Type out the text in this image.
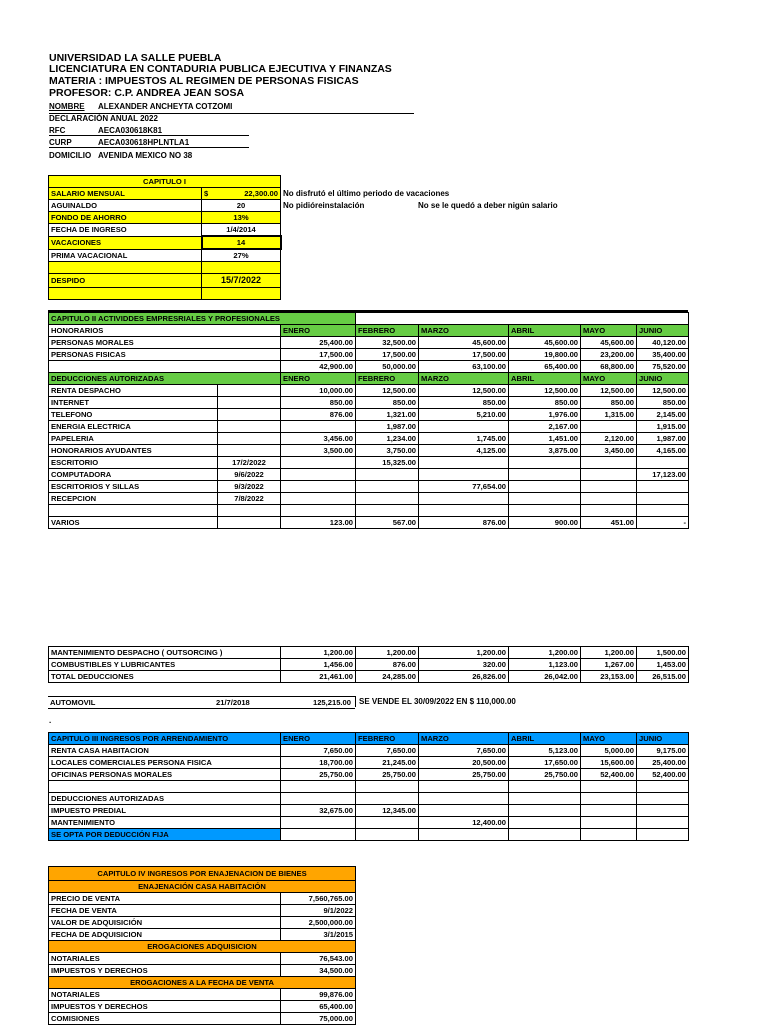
UNIVERSIDAD LA SALLE PUEBLA
LICENCIATURA EN CONTADURIA PUBLICA EJECUTIVA Y FINANZAS
MATERIA : IMPUESTOS AL REGIMEN DE PERSONAS FISICAS
PROFESOR: C.P. ANDREA JEAN SOSA
NOMBRE ALEXANDER ANCHEYTA COTZOMI
DECLARACIÓN ANUAL 2022
RFC	AECA030618K81
CURP	AECA030618HPLNTLA1
DOMICILIO AVENIDA MEXICO NO 38
CAPITULO I	
SALARIO MENSUAL	$ 22,300.00
AGUINALDO	20
FONDO DE AHORRO	13%
FECHA DE INGRESO	1/4/2014
VACACIONES	14
PRIMA VACACIONAL	27%

DESPIDO	15/7/2022

No disfrutó el último periodo de vacaciones
No pidióreinstalación	No se le quedó a deber nigún salario
CAPITULO II ACTIVIDDES EMPRESRIALES Y PROFESIONALES							
HONORARIOS		ENERO	FEBRERO	MARZO	ABRIL	MAYO	JUNIO
PERSONAS MORALES		25,400.00	32,500.00	45,600.00	45,600.00	45,600.00	40,120.00
PERSONAS FISICAS		17,500.00	17,500.00	17,500.00	19,800.00	23,200.00	35,400.00
		42,900.00	50,000.00	63,100.00	65,400.00	68,800.00	75,520.00
DEDUCCIONES AUTORIZADAS		ENERO	FEBRERO	MARZO	ABRIL	MAYO	JUNIO
RENTA DESPACHO		10,000.00	12,500.00	12,500.00	12,500.00	12,500.00	12,500.00
INTERNET		850.00	850.00	850.00	850.00	850.00	850.00
TELEFONO		876.00	1,321.00	5,210.00	1,976.00	1,315.00	2,145.00
ENERGIA ELECTRICA			1,987.00		2,167.00		1,915.00
PAPELERIA		3,456.00	1,234.00	1,745.00	1,451.00	2,120.00	1,987.00
HONORARIOS AYUDANTES		3,500.00	3,750.00	4,125.00	3,875.00	3,450.00	4,165.00
ESCRITORIO	17/2/2022		15,325.00				
COMPUTADORA	9/6/2022						17,123.00
ESCRITORIOS Y SILLAS	9/3/2022			77,654.00			
RECEPCION	7/8/2022						

VARIOS		123.00	567.00	876.00	900.00	451.00	-
MANTENIMIENTO DESPACHO ( OUTSORCING )	1,200.00	1,200.00	1,200.00	1,200.00	1,200.00	1,500.00
COMBUSTIBLES Y LUBRICANTES	1,456.00	876.00	320.00	1,123.00	1,267.00	1,453.00
TOTAL DEDUCCIONES	21,461.00	24,285.00	26,826.00	26,042.00	23,153.00	26,515.00
AUTOMOVIL	21/7/2018	125,215.00 SE VENDE EL 30/09/2022 EN $ 110,000.00
.
CAPITULO III INGRESOS POR ARRENDAMIENTO	ENERO	FEBRERO	MARZO	ABRIL	MAYO	JUNIO
RENTA CASA HABITACION	7,650.00	7,650.00	7,650.00	5,123.00	5,000.00	9,175.00
LOCALES COMERCIALES PERSONA FISICA	18,700.00	21,245.00	20,500.00	17,650.00	15,600.00	25,400.00
OFICINAS PERSONAS MORALES	25,750.00	25,750.00	25,750.00	25,750.00	52,400.00	52,400.00

DEDUCCIONES AUTORIZADAS						
IMPUESTO PREDIAL	32,675.00	12,345.00				
MANTENIMIENTO			12,400.00			
SE OPTA POR DEDUCCIÓN FIJA						
CAPITULO IV INGRESOS POR ENAJENACION DE BIENES	
ENAJENACIÓN CASA HABITACIÓN	
PRECIO DE VENTA	7,560,765.00
FECHA DE VENTA	9/1/2022
VALOR DE ADQUISICIÓN	2,500,000.00
FECHA DE ADQUISICION	3/1/2015
EROGACIONES ADQUISICION	
NOTARIALES	76,543.00
IMPUESTOS Y DERECHOS	34,500.00
EROGACIONES A LA FECHA DE VENTA	
NOTARIALES	99,876.00
IMPUESTOS Y DERECHOS	65,400.00
COMISIONES	75,000.00
